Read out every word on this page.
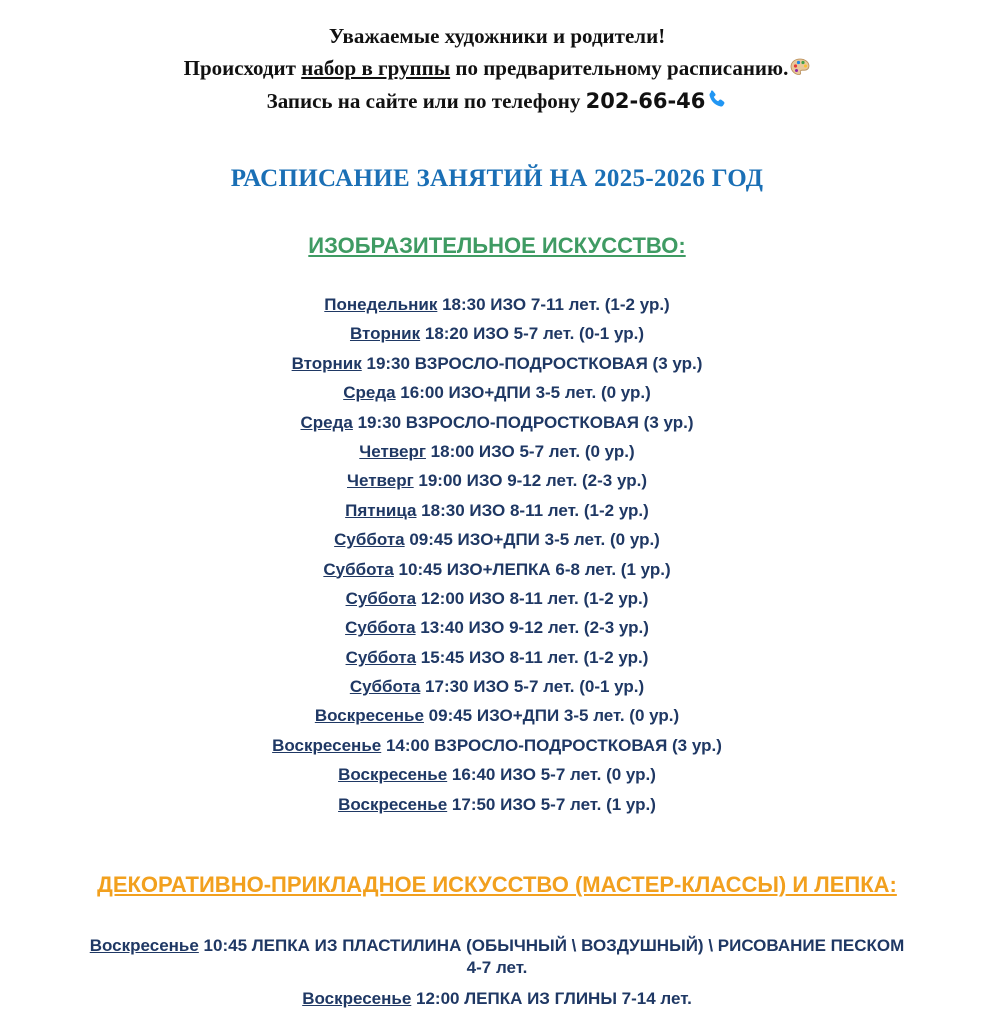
Уважаемые художники и родители!

Происходит набор в группы по предварительному расписанию.

Запись на сайте или по телефону 202-66-46

РАСПИСАНИЕ ЗАНЯТИЙ НА 2025-2026 ГОД
ИЗОБРАЗИТЕЛЬНОЕ ИСКУССТВО:
Понедельник 18:30 ИЗО 7-11 лет. (1-2 ур.)
Вторник 18:20 ИЗО 5-7 лет. (0-1 ур.)
Вторник 19:30 ВЗРОСЛО-ПОДРОСТКОВАЯ (3 ур.)
Среда 16:00 ИЗО+ДПИ 3-5 лет. (0 ур.)
Среда 19:30 ВЗРОСЛО-ПОДРОСТКОВАЯ (3 ур.)
Четверг 18:00 ИЗО 5-7 лет. (0 ур.)
Четверг 19:00 ИЗО 9-12 лет. (2-3 ур.)
Пятница 18:30 ИЗО 8-11 лет. (1-2 ур.)
Суббота 09:45 ИЗО+ДПИ 3-5 лет. (0 ур.)
Суббота 10:45 ИЗО+ЛЕПКА 6-8 лет. (1 ур.)
Суббота 12:00 ИЗО 8-11 лет. (1-2 ур.)
Суббота 13:40 ИЗО 9-12 лет. (2-3 ур.)
Суббота 15:45 ИЗО 8-11 лет. (1-2 ур.)
Суббота 17:30 ИЗО 5-7 лет. (0-1 ур.)
Воскресенье 09:45 ИЗО+ДПИ 3-5 лет. (0 ур.)
Воскресенье 14:00 ВЗРОСЛО-ПОДРОСТКОВАЯ (3 ур.)
Воскресенье 16:40 ИЗО 5-7 лет. (0 ур.)
Воскресенье 17:50 ИЗО 5-7 лет. (1 ур.)
ДЕКОРАТИВНО-ПРИКЛАДНОЕ ИСКУССТВО (МАСТЕР-КЛАССЫ) И ЛЕПКА:
Воскресенье 10:45 ЛЕПКА ИЗ ПЛАСТИЛИНА (ОБЫЧНЫЙ \ ВОЗДУШНЫЙ) \ РИСОВАНИЕ ПЕСКОМ 4-7 лет.
Воскресенье 12:00 ЛЕПКА ИЗ ГЛИНЫ 7-14 лет.
